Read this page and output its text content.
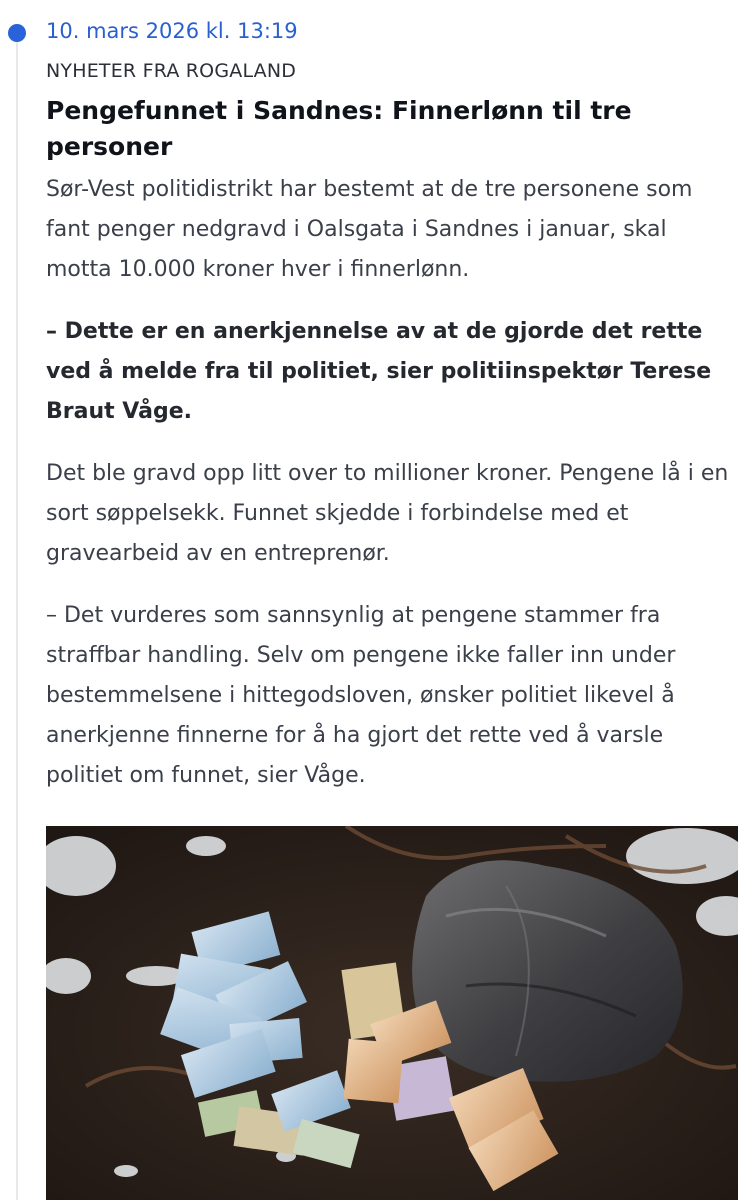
10. mars 2026 kl. 13:19
NYHETER FRA ROGALAND
Pengefunnet i Sandnes: Finnerlønn til tre personer

Sør-Vest politidistrikt har bestemt at de tre personene som fant penger nedgravd i Oalsgata i Sandnes i januar, skal motta 10.000 kroner hver i finnerlønn.

– Dette er en anerkjennelse av at de gjorde det rette ved å melde fra til politiet, sier politiinspektør Terese Braut Våge.

Det ble gravd opp litt over to millioner kroner. Pengene lå i en sort søppelsekk. Funnet skjedde i forbindelse med et gravearbeid av en entreprenør.

– Det vurderes som sannsynlig at pengene stammer fra straffbar handling. Selv om pengene ikke faller inn under bestemmelsene i hittegodsloven, ønsker politiet likevel å anerkjenne finnerne for å ha gjort det rette ved å varsle politiet om funnet, sier Våge.
